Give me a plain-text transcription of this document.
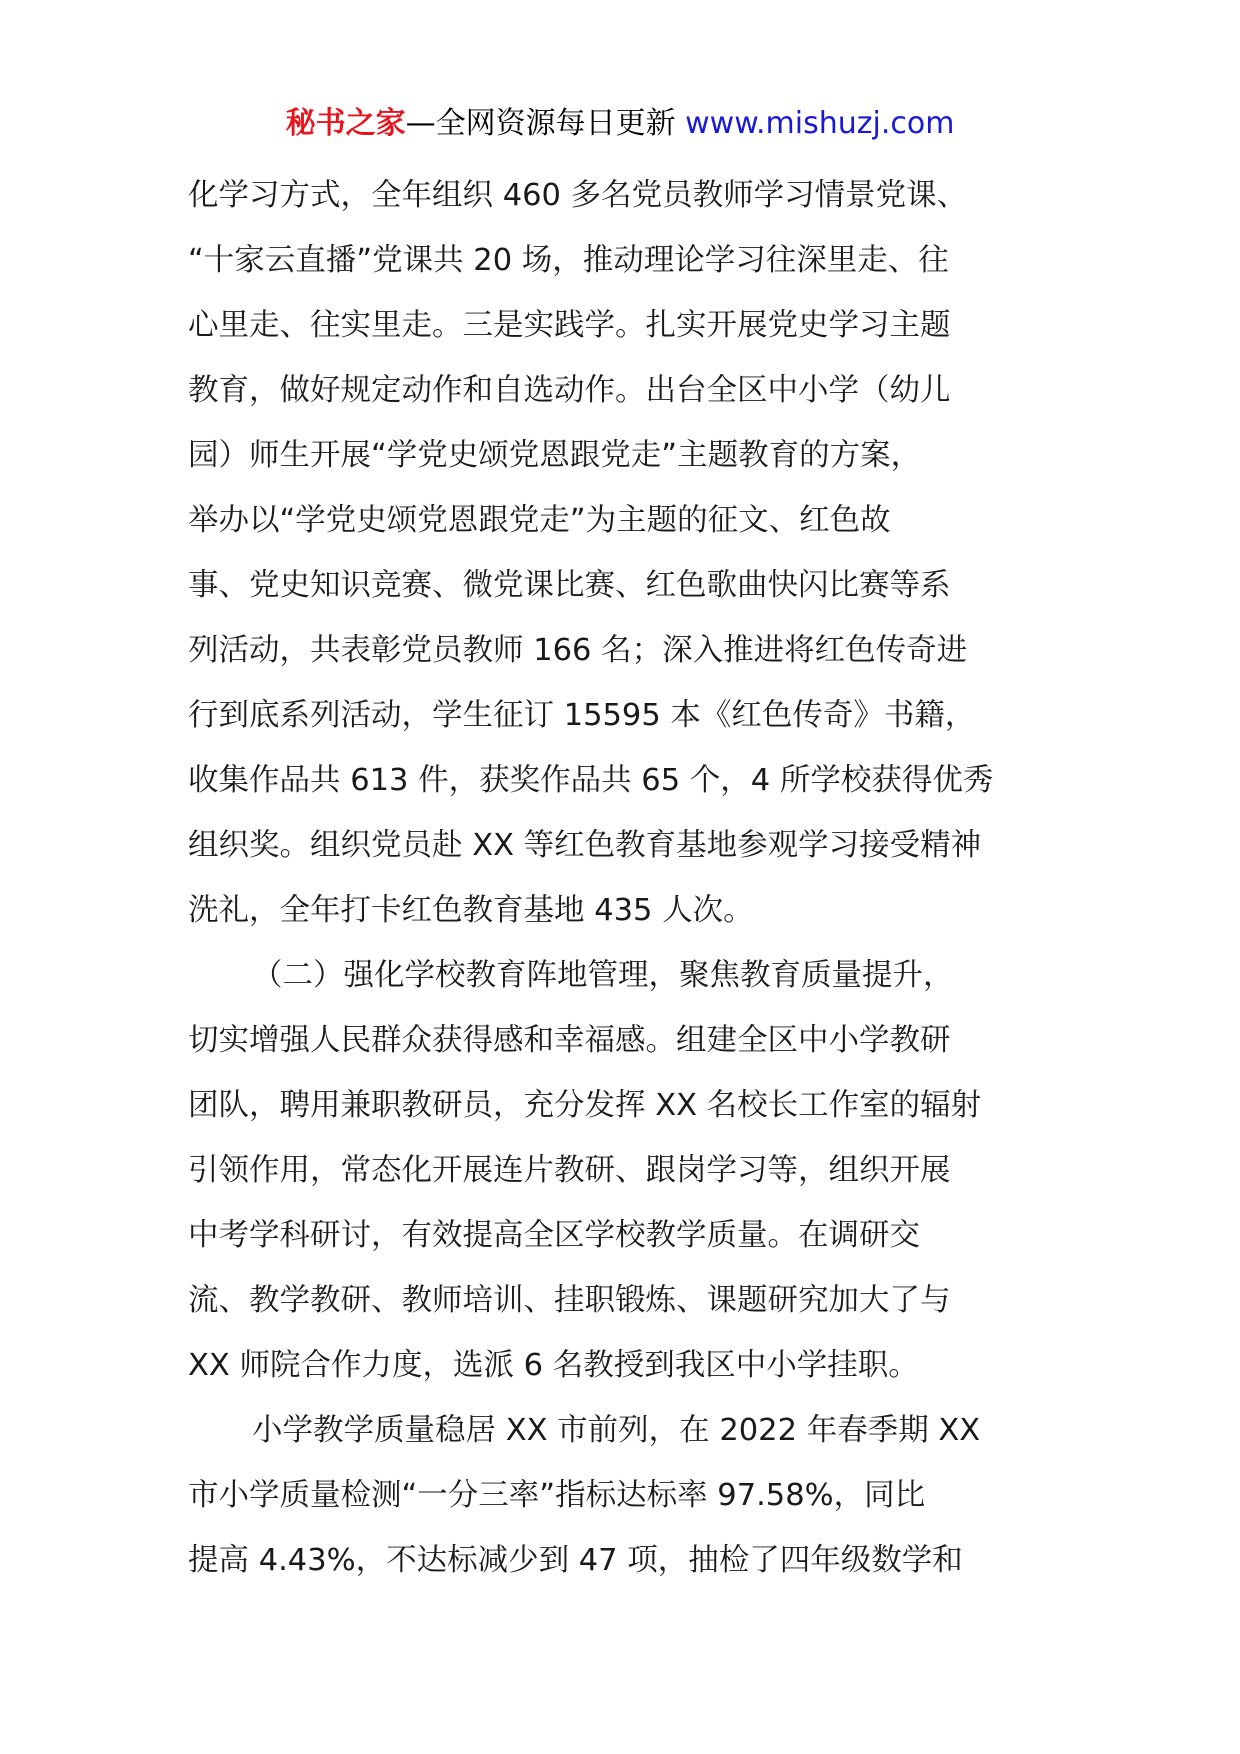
秘书之家—全网资源每日更新 www.mishuzj.com
化学习方式，全年组织 460 多名党员教师学习情景党课、
“十家云直播”党课共 20 场，推动理论学习往深里走、往
心里走、往实里走。三是实践学。扎实开展党史学习主题
教育，做好规定动作和自选动作。出台全区中小学（幼儿
园）师生开展“学党史颂党恩跟党走”主题教育的方案，
举办以“学党史颂党恩跟党走”为主题的征文、红色故
事、党史知识竞赛、微党课比赛、红色歌曲快闪比赛等系
列活动，共表彰党员教师 166 名；深入推进将红色传奇进
行到底系列活动，学生征订 15595 本《红色传奇》书籍，
收集作品共 613 件，获奖作品共 65 个，4 所学校获得优秀
组织奖。组织党员赴 XX 等红色教育基地参观学习接受精神
洗礼，全年打卡红色教育基地 435 人次。
（二）强化学校教育阵地管理，聚焦教育质量提升，
切实增强人民群众获得感和幸福感。组建全区中小学教研
团队，聘用兼职教研员，充分发挥 XX 名校长工作室的辐射
引领作用，常态化开展连片教研、跟岗学习等，组织开展
中考学科研讨，有效提高全区学校教学质量。在调研交
流、教学教研、教师培训、挂职锻炼、课题研究加大了与
XX 师院合作力度，选派 6 名教授到我区中小学挂职。
小学教学质量稳居 XX 市前列，在 2022 年春季期 XX
市小学质量检测“一分三率”指标达标率 97.58%，同比
提高 4.43%，不达标减少到 47 项，抽检了四年级数学和
